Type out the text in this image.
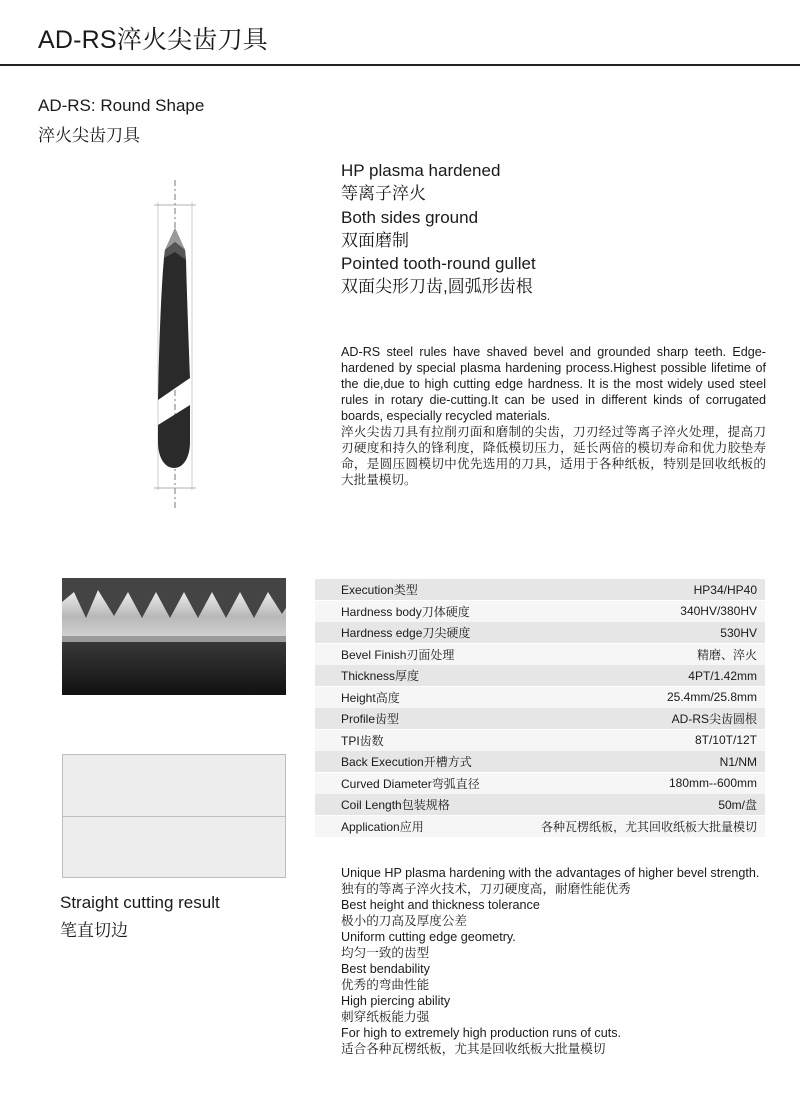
AD-RS淬火尖齿刀具
AD-RS: Round Shape
淬火尖齿刀具
HP plasma hardened
等离子淬火
Both sides ground
双面磨制
Pointed tooth-round gullet
双面尖形刀齿,圆弧形齿根
AD-RS steel rules have shaved bevel and grounded sharp teeth. Edge-hardened by special plasma hardening process.Highest possible lifetime of the die,due to high cutting edge hardness. It is the most widely used steel rules in rotary die-cutting.It can be used in different kinds of corrugated boards, especially recycled materials.
淬火尖齿刀具有拉削刃面和磨制的尖齿，刀刃经过等离子淬火处理，提高刀刃硬度和持久的锋利度，降低模切压力，延长两倍的模切寿命和优力胶垫寿命，是圆压圆模切中优先选用的刀具，适用于各种纸板，特别是回收纸板的大批量模切。
Straight cutting result
笔直切边
Execution类型	HP34/HP40
Hardness body刀体硬度	340HV/380HV
Hardness edge刀尖硬度	530HV
Bevel Finish刃面处理	精磨、淬火
Thickness厚度	4PT/1.42mm
Height高度	25.4mm/25.8mm
Profile齿型	AD-RS尖齿圆根
TPI齿数	8T/10T/12T
Back Execution开槽方式	N1/NM
Curved Diameter弯弧直径	180mm--600mm
Coil Length包装规格	50m/盘
Application应用	各种瓦楞纸板，尤其回收纸板大批量模切
Unique HP plasma hardening with the advantages of higher bevel strength.
独有的等离子淬火技术，刀刃硬度高，耐磨性能优秀
Best height and thickness tolerance
极小的刀高及厚度公差
Uniform cutting edge geometry.
均匀一致的齿型
Best bendability
优秀的弯曲性能
High piercing ability
刺穿纸板能力强
For high to extremely high production runs of cuts.
适合各种瓦楞纸板，尤其是回收纸板大批量模切
